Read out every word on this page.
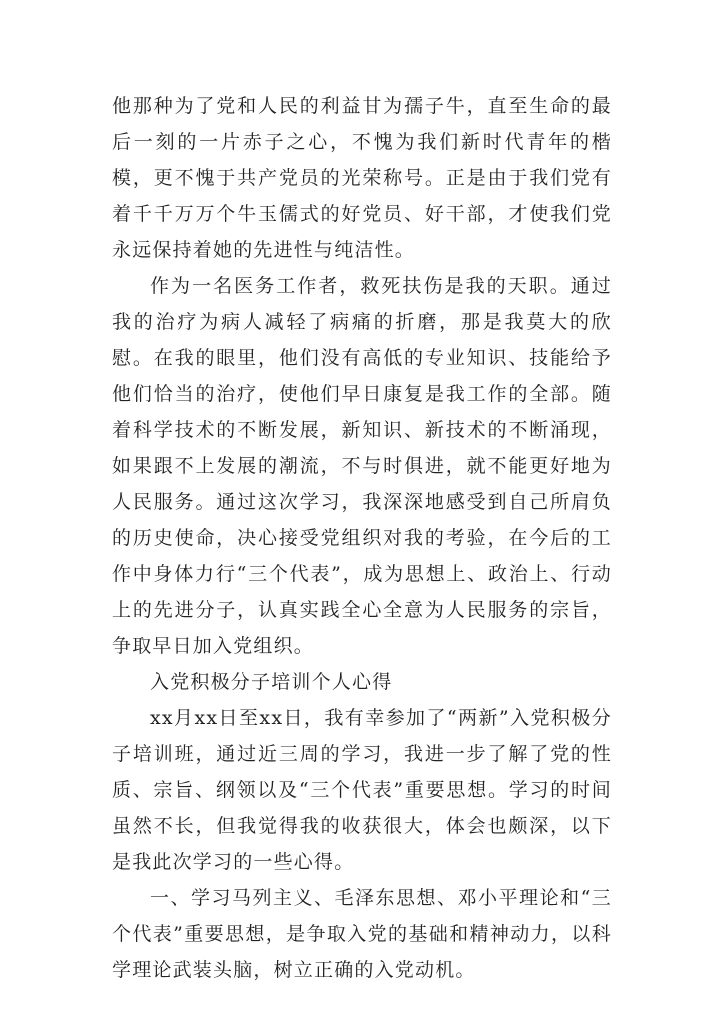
他那种为了党和人民的利益甘为孺子牛，直至生命的最后一刻的一片赤子之心，不愧为我们新时代青年的楷模，更不愧于共产党员的光荣称号。正是由于我们党有着千千万万个牛玉儒式的好党员、好干部，才使我们党永远保持着她的先进性与纯洁性。

作为一名医务工作者，救死扶伤是我的天职。通过我的治疗为病人减轻了病痛的折磨，那是我莫大的欣慰。在我的眼里，他们没有高低的专业知识、技能给予他们恰当的治疗，使他们早日康复是我工作的全部。随着科学技术的不断发展，新知识、新技术的不断涌现，如果跟不上发展的潮流，不与时俱进，就不能更好地为人民服务。通过这次学习，我深深地感受到自己所肩负的历史使命，决心接受党组织对我的考验，在今后的工作中身体力行“三个代表”，成为思想上、政治上、行动上的先进分子，认真实践全心全意为人民服务的宗旨，争取早日加入党组织。

入党积极分子培训个人心得

xx月xx日至xx日，我有幸参加了“两新”入党积极分子培训班，通过近三周的学习，我进一步了解了党的性质、宗旨、纲领以及“三个代表”重要思想。学习的时间虽然不长，但我觉得我的收获很大，体会也颇深，以下是我此次学习的一些心得。

一、学习马列主义、毛泽东思想、邓小平理论和“三个代表”重要思想，是争取入党的基础和精神动力，以科学理论武装头脑，树立正确的入党动机。
